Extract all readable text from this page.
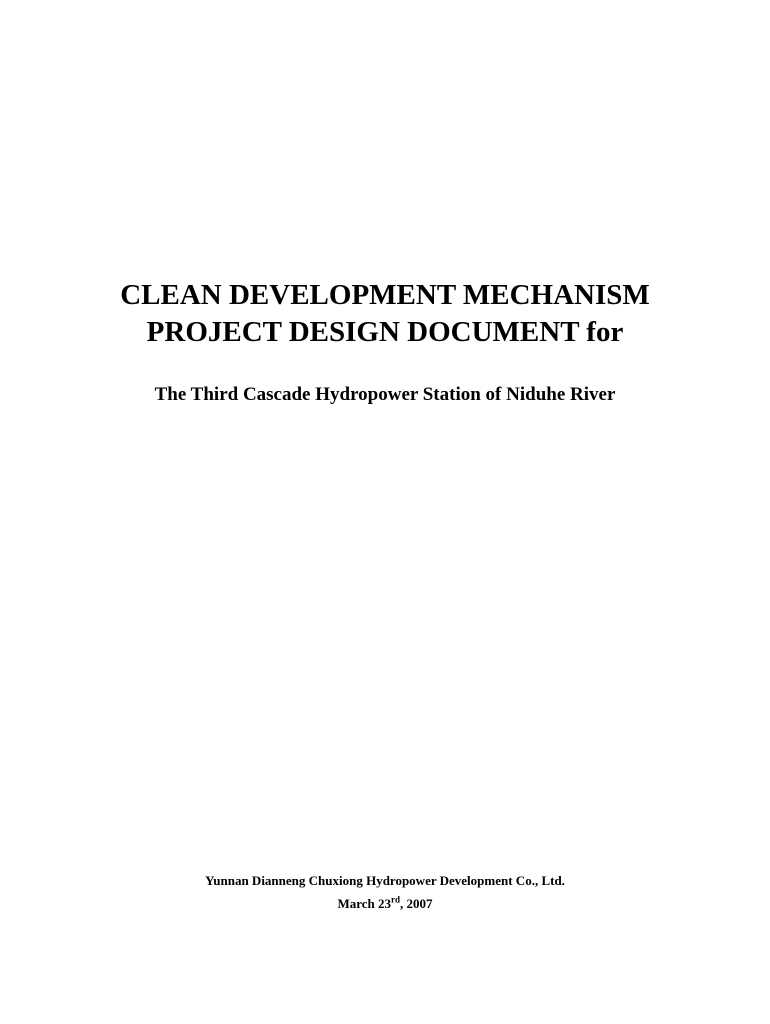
CLEAN DEVELOPMENT MECHANISM
PROJECT DESIGN DOCUMENT for
The Third Cascade Hydropower Station of Niduhe River
Yunnan Dianneng Chuxiong Hydropower Development Co., Ltd.
March 23rd, 2007
